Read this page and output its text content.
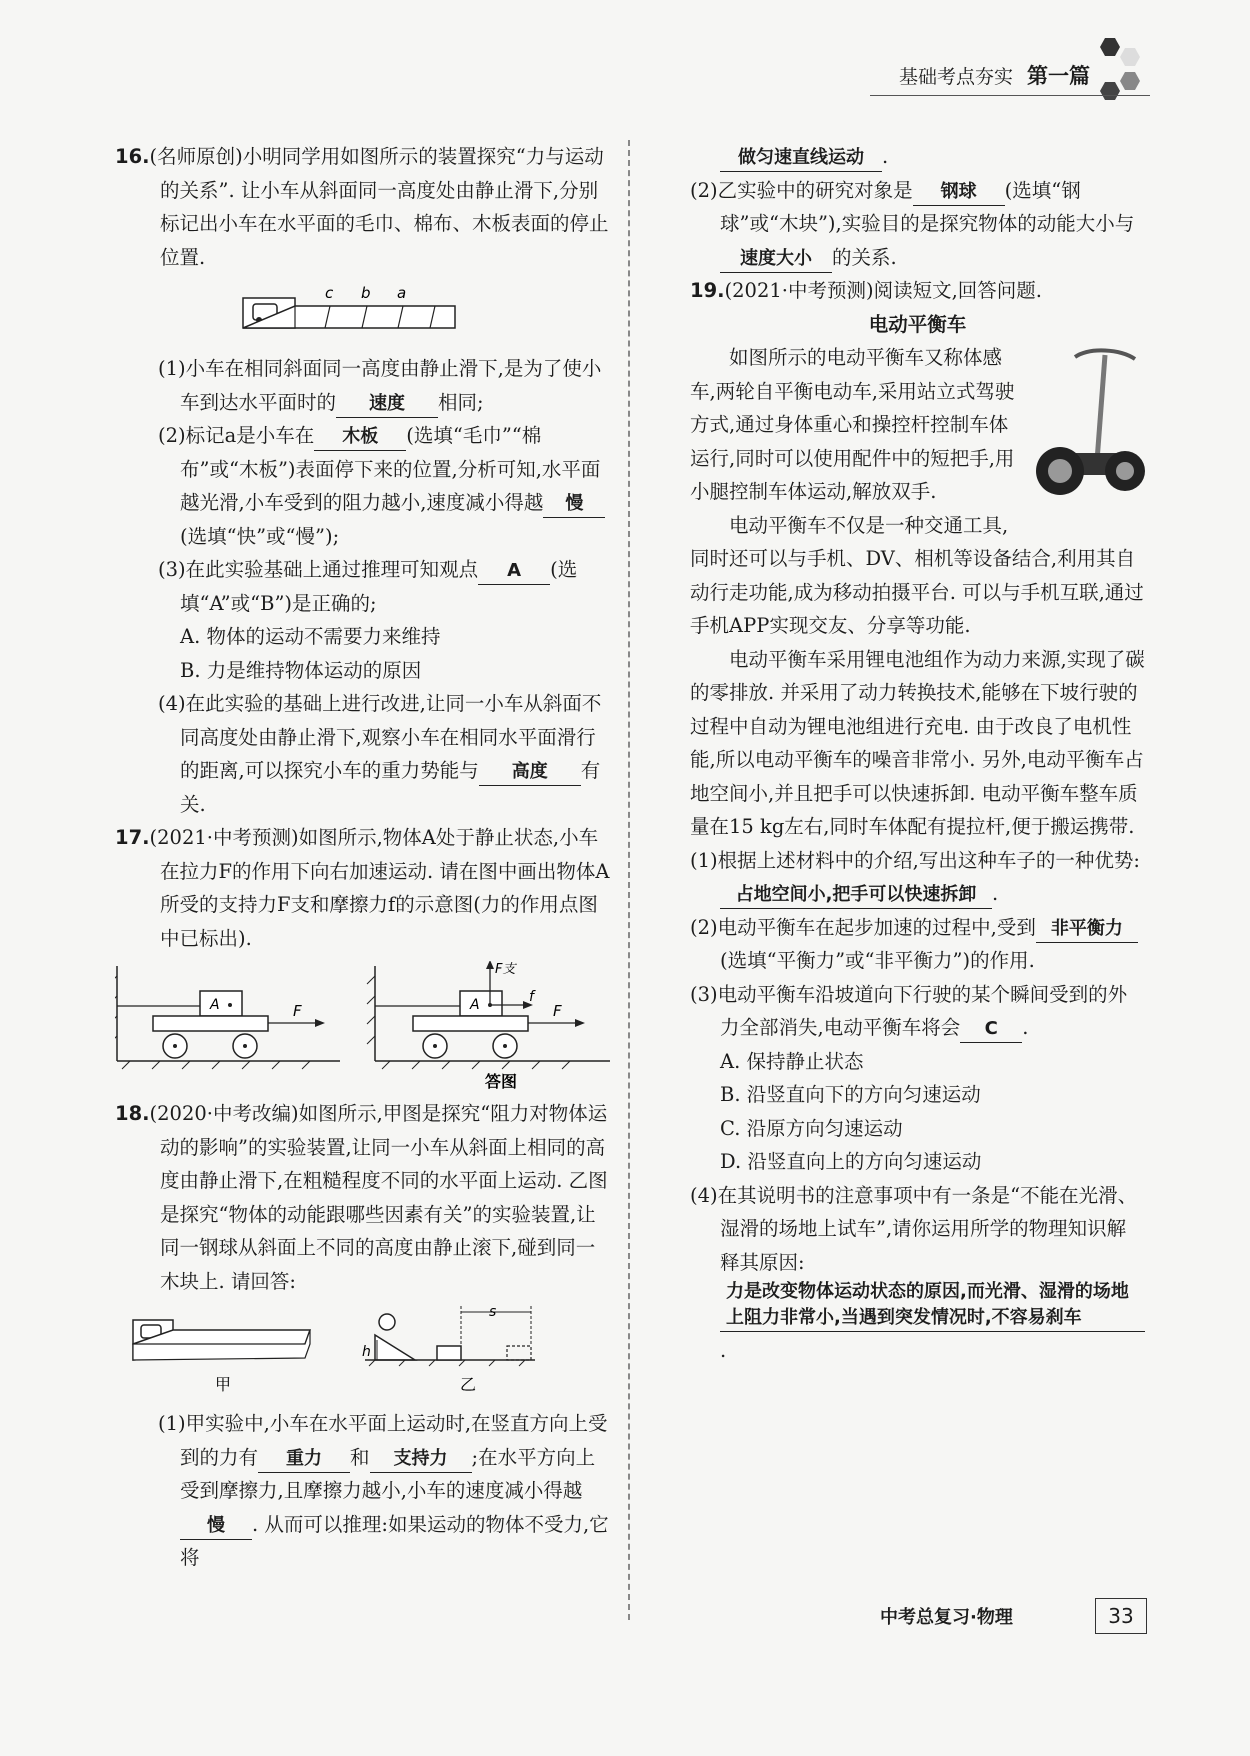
基础考点夯实 第一篇

16.(名师原创)小明同学用如图所示的装置探究“力与运动的关系”. 让小车从斜面同一高度处由静止滑下,分别标记出小车在水平面的毛巾、棉布、木板表面的停止位置.

c b a

(1)小车在相同斜面同一高度由静止滑下,是为了使小车到达水平面时的 速度 相同;

(2)标记a是小车在 木板 (选填“毛巾”“棉布”或“木板”)表面停下来的位置,分析可知,水平面越光滑,小车受到的阻力越小,速度减小得越 慢(选填“快”或“慢”);

(3)在此实验基础上通过推理可知观点 A (选填“A”或“B”)是正确的;

A. 物体的运动不需要力来维持

B. 力是维持物体运动的原因

(4)在此实验的基础上进行改进,让同一小车从斜面不同高度处由静止滑下,观察小车在相同水平面滑行的距离,可以探究小车的重力势能与 高度 有关.

17.(2021·中考预测)如图所示,物体A处于静止状态,小车在拉力F的作用下向右加速运动. 请在图中画出物体A所受的支持力F支和摩擦力f的示意图(力的作用点图中已标出).

A	F	A
F支
f
F
答图

18.(2020·中考改编)如图所示,甲图是探究“阻力对物体运动的影响”的实验装置,让同一小车从斜面上相同的高度由静止滑下,在粗糙程度不同的水平面上运动. 乙图是探究“物体的动能跟哪些因素有关”的实验装置,让同一钢球从斜面上不同的高度由静止滚下,碰到同一木块上. 请回答:

甲
h
s
乙

(1)甲实验中,小车在水平面上运动时,在竖直方向上受到的力有 重力 和 支持力 ;在水平方向上受到摩擦力,且摩擦力越小,小车的速度减小得越慢 . 从而可以推理:如果运动的物体不受力,它将

做匀速直线运动 .

(2)乙实验中的研究对象是 钢球 (选填“钢球”或“木块”),实验目的是探究物体的动能大小与速度大小 的关系.

19.(2021·中考预测)阅读短文,回答问题.

电动平衡车

如图所示的电动平衡车又称体感车,两轮自平衡电动车,采用站立式驾驶方式,通过身体重心和操控杆控制车体运行,同时可以使用配件中的短把手,用小腿控制车体运动,解放双手.

电动平衡车不仅是一种交通工具,同时还可以与手机、DV、相机等设备结合,利用其自动行走功能,成为移动拍摄平台. 可以与手机互联,通过手机APP实现交友、分享等功能.

电动平衡车采用锂电池组作为动力来源,实现了碳的零排放. 并采用了动力转换技术,能够在下坡行驶的过程中自动为锂电池组进行充电. 由于改良了电机性能,所以电动平衡车的噪音非常小. 另外,电动平衡车占地空间小,并且把手可以快速拆卸. 电动平衡车整车质量在15 kg左右,同时车体配有提拉杆,便于搬运携带.

(1)根据上述材料中的介绍,写出这种车子的一种优势:占地空间小,把手可以快速拆卸 .

(2)电动平衡车在起步加速的过程中,受到 非平衡力(选填“平衡力”或“非平衡力”)的作用.

(3)电动平衡车沿坡道向下行驶的某个瞬间受到的外力全部消失,电动平衡车将会 C .

A. 保持静止状态

B. 沿竖直向下的方向匀速运动

C. 沿原方向匀速运动

D. 沿竖直向上的方向匀速运动

(4)在其说明书的注意事项中有一条是“不能在光滑、湿滑的场地上试车”,请你运用所学的物理知识解释其原因:力是改变物体运动状态的原因,而光滑、湿滑的场地上阻力非常小,当遇到突发情况时,不容易刹车.

中考总复习·物理	33
